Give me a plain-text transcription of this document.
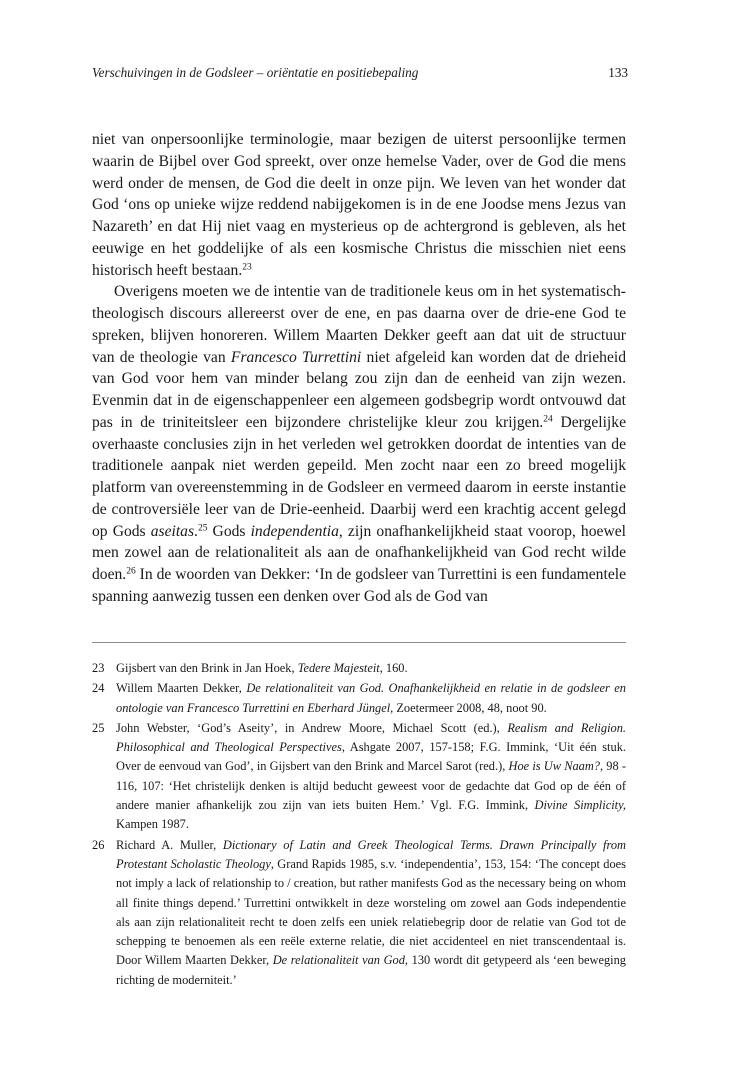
Verschuivingen in de Godsleer – oriëntatie en positiebepaling	133

niet van onpersoonlijke terminologie, maar bezigen de uiterst persoonlijke termen waarin de Bijbel over God spreekt, over onze hemelse Vader, over de God die mens werd onder de mensen, de God die deelt in onze pijn. We leven van het wonder dat God ‘ons op unieke wijze reddend nabijgekomen is in de ene Joodse mens Jezus van Nazareth’ en dat Hij niet vaag en mysterieus op de achtergrond is gebleven, als het eeuwige en het goddelijke of als een kosmische Christus die misschien niet eens historisch heeft bestaan.$^{23}$

Overigens moeten we de intentie van de traditionele keus om in het systematisch-theologisch discours allereerst over de ene, en pas daarna over de drie-ene God te spreken, blijven honoreren. Willem Maarten Dekker geeft aan dat uit de structuur van de theologie van Francesco Turrettini niet afgeleid kan worden dat de drieheid van God voor hem van minder belang zou zijn dan de eenheid van zijn wezen. Evenmin dat in de eigenschappenleer een algemeen godsbegrip wordt ontvouwd dat pas in de triniteitsleer een bijzondere christelijke kleur zou krijgen.$^{24}$ Dergelijke overhaaste conclusies zijn in het verleden wel getrokken doordat de intenties van de traditionele aanpak niet werden gepeild. Men zocht naar een zo breed mogelijk platform van overeenstemming in de Godsleer en vermeed daarom in eerste instantie de controversiële leer van de Drie-eenheid. Daarbij werd een krachtig accent gelegd op Gods aseitas.$^{25}$ Gods independentia, zijn onafhankelijkheid staat voorop, hoewel men zowel aan de relationaliteit als aan de onafhankelijkheid van God recht wilde doen.$^{26}$ In de woorden van Dekker: ‘In de godsleer van Turrettini is een fundamentele spanning aanwezig tussen een denken over God als de God van

23 Gijsbert van den Brink in Jan Hoek, Tedere Majesteit, 160.
24 Willem Maarten Dekker, De relationaliteit van God. Onafhankelijkheid en relatie in de godsleer en ontologie van Francesco Turrettini en Eberhard Jüngel, Zoetermeer 2008, 48, noot 90.
25 John Webster, ‘God’s Aseity’, in Andrew Moore, Michael Scott (ed.), Realism and Religion. Philosophical and Theological Perspectives, Ashgate 2007, 157-158; F.G. Immink, ‘Uit één stuk. Over de eenvoud van God’, in Gijsbert van den Brink and Marcel Sarot (red.), Hoe is Uw Naam?, 98 - 116, 107: ‘Het christelijk denken is altijd beducht geweest voor de gedachte dat God op de één of andere manier afhankelijk zou zijn van iets buiten Hem.’ Vgl. F.G. Immink, Divine Simplicity, Kampen 1987.
26 Richard A. Muller, Dictionary of Latin and Greek Theological Terms. Drawn Principally from Protestant Scholastic Theology, Grand Rapids 1985, s.v. ‘independentia’, 153, 154: ‘The concept does not imply a lack of relationship to / creation, but rather manifests God as the necessary being on whom all finite things depend.’ Turrettini ontwikkelt in deze worsteling om zowel aan Gods independentie als aan zijn relationaliteit recht te doen zelfs een uniek relatiebegrip door de relatie van God tot de schepping te benoemen als een reële externe relatie, die niet accidenteel en niet transcendentaal is. Door Willem Maarten Dekker, De relationaliteit van God, 130 wordt dit getypeerd als ‘een beweging richting de moderniteit.’
